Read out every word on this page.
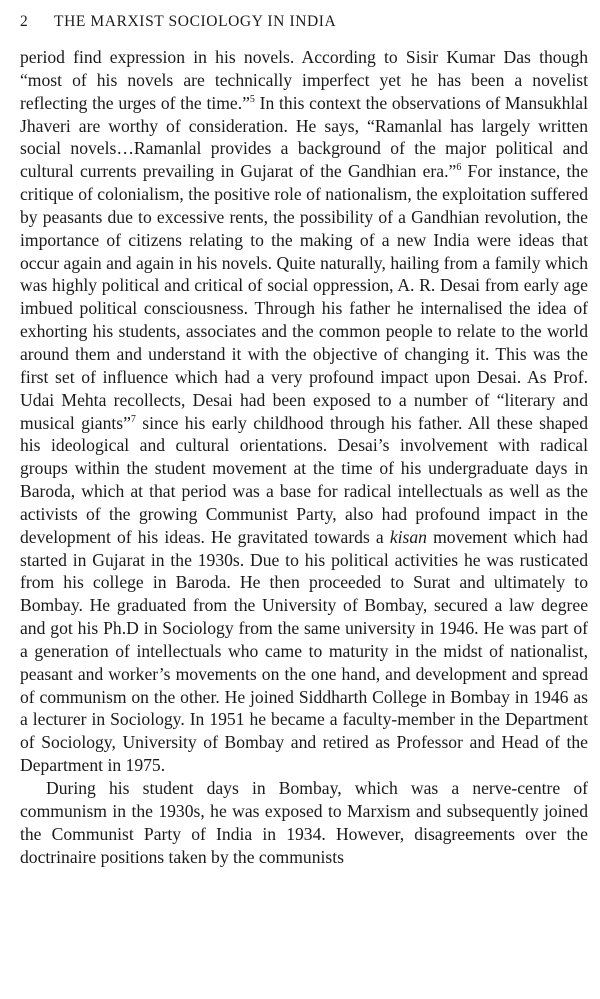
2 THE MARXIST SOCIOLOGY IN INDIA

period find expression in his novels. According to Sisir Kumar Das though “most of his novels are technically imperfect yet he has been a novelist reflecting the urges of the time.”$^5$ In this context the observations of Mansukhlal Jhaveri are worthy of consideration. He says, “Ramanlal has largely written social novels…Ramanlal provides a background of the major political and cultural currents prevailing in Gujarat of the Gandhian era.”$^6$ For instance, the critique of colonialism, the positive role of nationalism, the exploitation suffered by peasants due to excessive rents, the possibility of a Gandhian revolution, the importance of citizens relating to the making of a new India were ideas that occur again and again in his novels. Quite naturally, hailing from a family which was highly political and critical of social oppression, A. R. Desai from early age imbued political consciousness. Through his father he internalised the idea of exhorting his students, associates and the common people to relate to the world around them and understand it with the objective of changing it. This was the first set of influence which had a very profound impact upon Desai. As Prof. Udai Mehta recollects, Desai had been exposed to a number of “literary and musical giants”$^7$ since his early childhood through his father. All these shaped his ideological and cultural orientations. Desai’s involvement with radical groups within the student movement at the time of his undergraduate days in Baroda, which at that period was a base for radical intellectuals as well as the activists of the growing Communist Party, also had profound impact in the development of his ideas. He gravitated towards a kisan movement which had started in Gujarat in the 1930s. Due to his political activities he was rusticated from his college in Baroda. He then proceeded to Surat and ultimately to Bombay. He graduated from the University of Bombay, secured a law degree and got his Ph.D in Sociology from the same university in 1946. He was part of a generation of intellectuals who came to maturity in the midst of nationalist, peasant and worker’s movements on the one hand, and development and spread of communism on the other. He joined Siddharth College in Bombay in 1946 as a lecturer in Sociology. In 1951 he became a faculty-member in the Department of Sociology, University of Bombay and retired as Professor and Head of the Department in 1975.

During his student days in Bombay, which was a nerve-centre of communism in the 1930s, he was exposed to Marxism and subsequently joined the Communist Party of India in 1934. However, disagreements over the doctrinaire positions taken by the communists
